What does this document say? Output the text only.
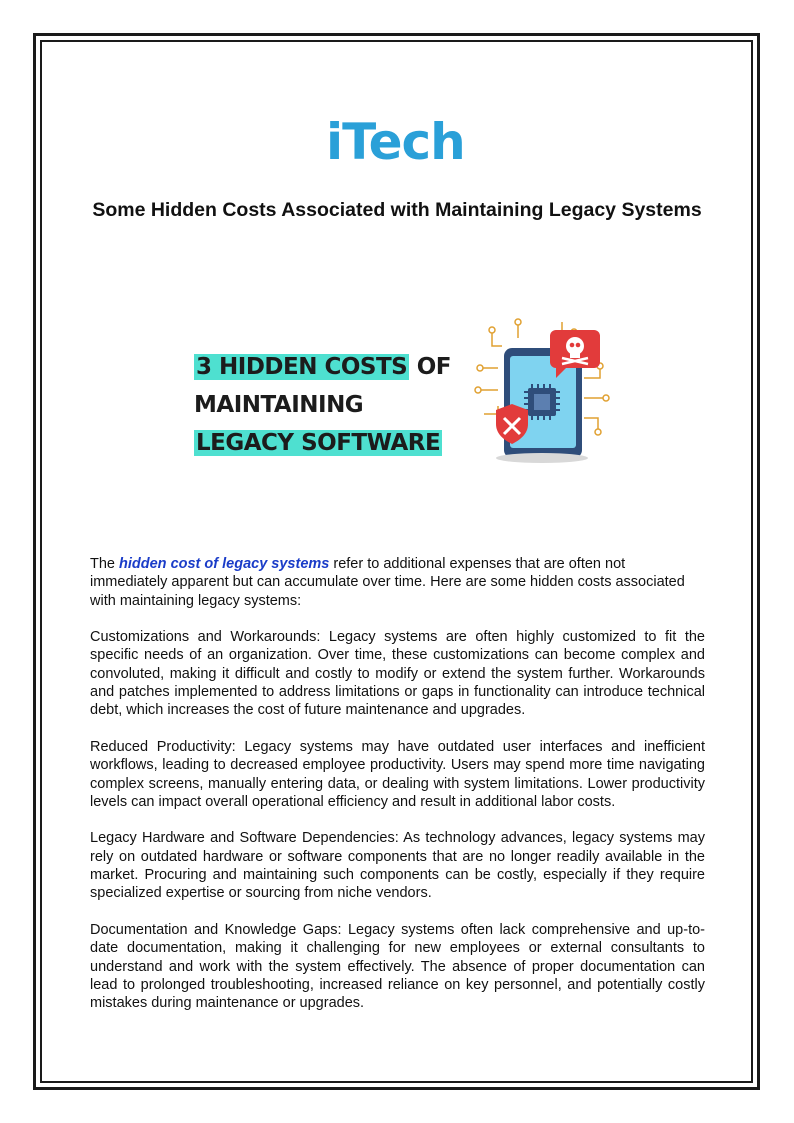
iTech
Some Hidden Costs Associated with Maintaining Legacy Systems
3 HIDDEN COSTS OF
MAINTAINING
LEGACY SOFTWARE

The hidden cost of legacy systems refer to additional expenses that are often not immediately apparent but can accumulate over time. Here are some hidden costs associated with maintaining legacy systems:

Customizations and Workarounds: Legacy systems are often highly customized to fit the specific needs of an organization. Over time, these customizations can become complex and convoluted, making it difficult and costly to modify or extend the system further. Workarounds and patches implemented to address limitations or gaps in functionality can introduce technical debt, which increases the cost of future maintenance and upgrades.

Reduced Productivity: Legacy systems may have outdated user interfaces and inefficient workflows, leading to decreased employee productivity. Users may spend more time navigating complex screens, manually entering data, or dealing with system limitations. Lower productivity levels can impact overall operational efficiency and result in additional labor costs.

Legacy Hardware and Software Dependencies: As technology advances, legacy systems may rely on outdated hardware or software components that are no longer readily available in the market. Procuring and maintaining such components can be costly, especially if they require specialized expertise or sourcing from niche vendors.

Documentation and Knowledge Gaps: Legacy systems often lack comprehensive and up-to-date documentation, making it challenging for new employees or external consultants to understand and work with the system effectively. The absence of proper documentation can lead to prolonged troubleshooting, increased reliance on key personnel, and potentially costly mistakes during maintenance or upgrades.
